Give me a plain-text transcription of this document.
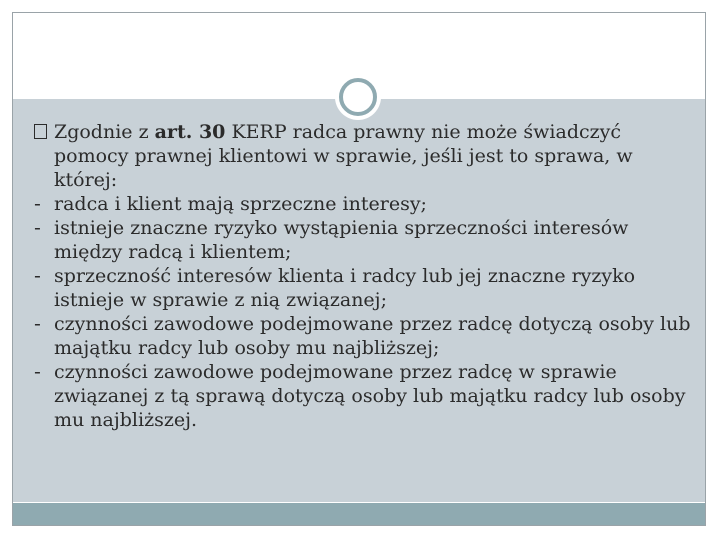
Zgodnie z art. 30 KERP radca prawny nie może świadczyć pomocy prawnej klientowi w sprawie, jeśli jest to sprawa, w której:
- radca i klient mają sprzeczne interesy;
- istnieje znaczne ryzyko wystąpienia sprzeczności interesów między radcą i klientem;
- sprzeczność interesów klienta i radcy lub jej znaczne ryzyko istnieje w sprawie z nią związanej;
- czynności zawodowe podejmowane przez radcę dotyczą osoby lub majątku radcy lub osoby mu najbliższej;
- czynności zawodowe podejmowane przez radcę w sprawie związanej z tą sprawą dotyczą osoby lub majątku radcy lub osoby mu najbliższej.
